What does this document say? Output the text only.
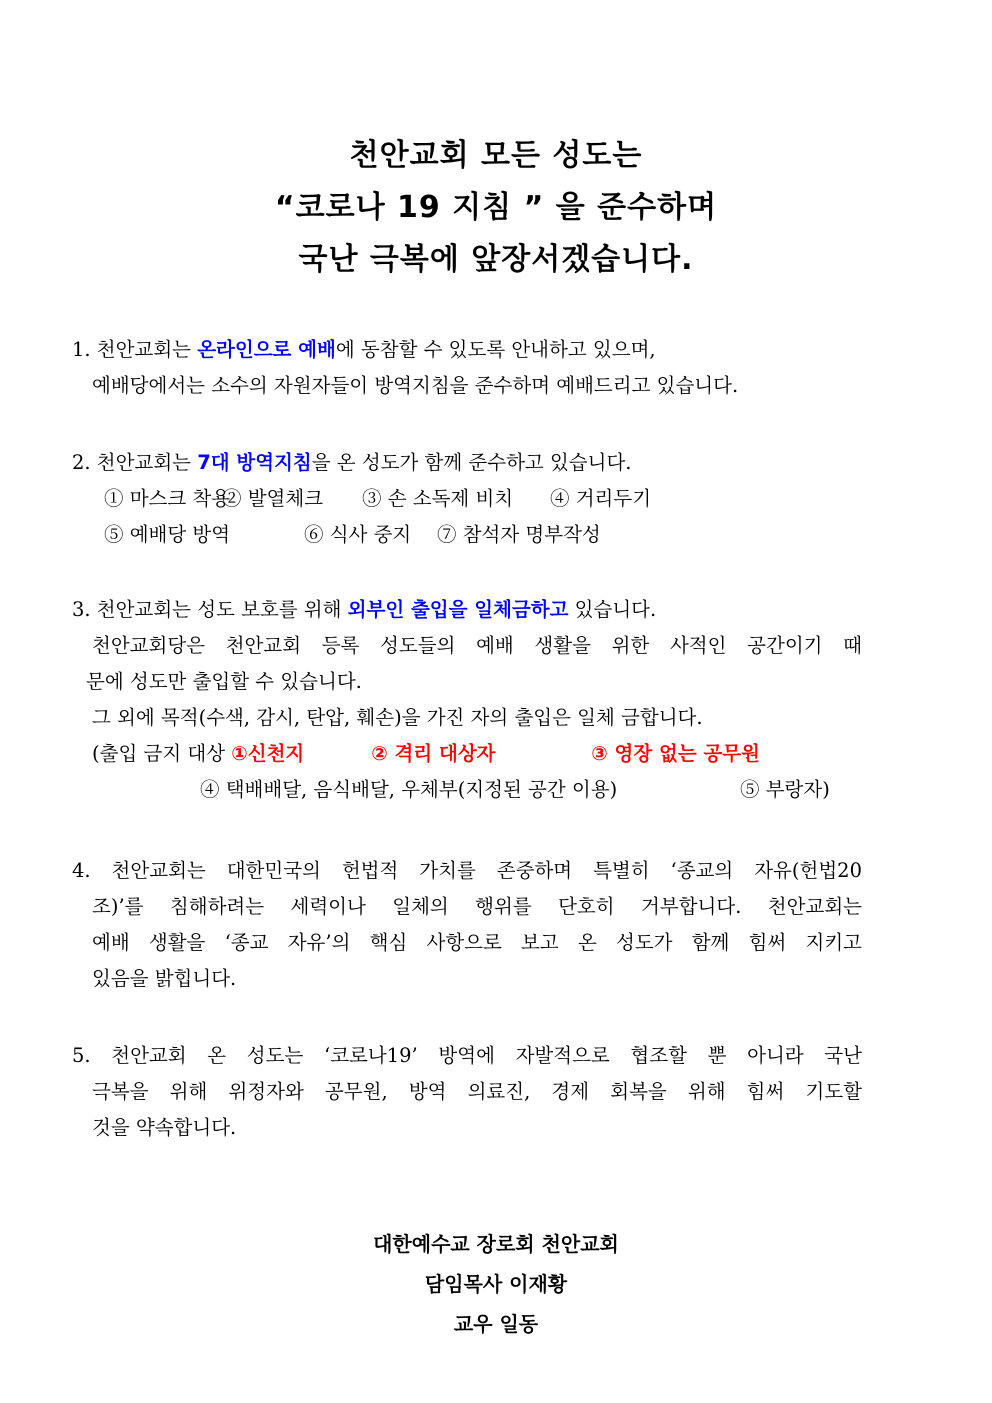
천안교회 모든 성도는
“코로나 19 지침 ” 을 준수하며
국난 극복에 앞장서겠습니다.
1. 천안교회는 온라인으로 예배에 동참할 수 있도록 안내하고 있으며,
예배당에서는 소수의 자원자들이 방역지침을 준수하며 예배드리고 있습니다.
2. 천안교회는 7대 방역지침을 온 성도가 함께 준수하고 있습니다.
① 마스크 착용
② 발열체크	③ 손 소독제 비치	④ 거리두기
⑤ 예배당 방역	⑥ 식사 중지	⑦ 참석자 명부작성
3. 천안교회는 성도 보호를 위해 외부인 출입을 일체금하고 있습니다.
천안교회당은 천안교회 등록 성도들의 예배 생활을 위한 사적인 공간이기 때
문에 성도만 출입할 수 있습니다.
그 외에 목적(수색, 감시, 탄압, 훼손)을 가진 자의 출입은 일체 금합니다.
(출입 금지 대상 ①신천지	② 격리 대상자	③ 영장 없는 공무원
④ 택배배달, 음식배달, 우체부(지정된 공간 이용)	⑤ 부랑자)
4. 천안교회는 대한민국의 헌법적 가치를 존중하며 특별히 ‘종교의 자유(헌법20
조)’를 침해하려는 세력이나 일체의 행위를 단호히 거부합니다. 천안교회는
예배 생활을 ‘종교 자유’의 핵심 사항으로 보고 온 성도가 함께 힘써 지키고
있음을 밝힙니다.
5. 천안교회 온 성도는 ‘코로나19’ 방역에 자발적으로 협조할 뿐 아니라 국난
극복을 위해 위정자와 공무원, 방역 의료진, 경제 회복을 위해 힘써 기도할
것을 약속합니다.
대한예수교 장로회 천안교회
담임목사 이재황
교우 일동
